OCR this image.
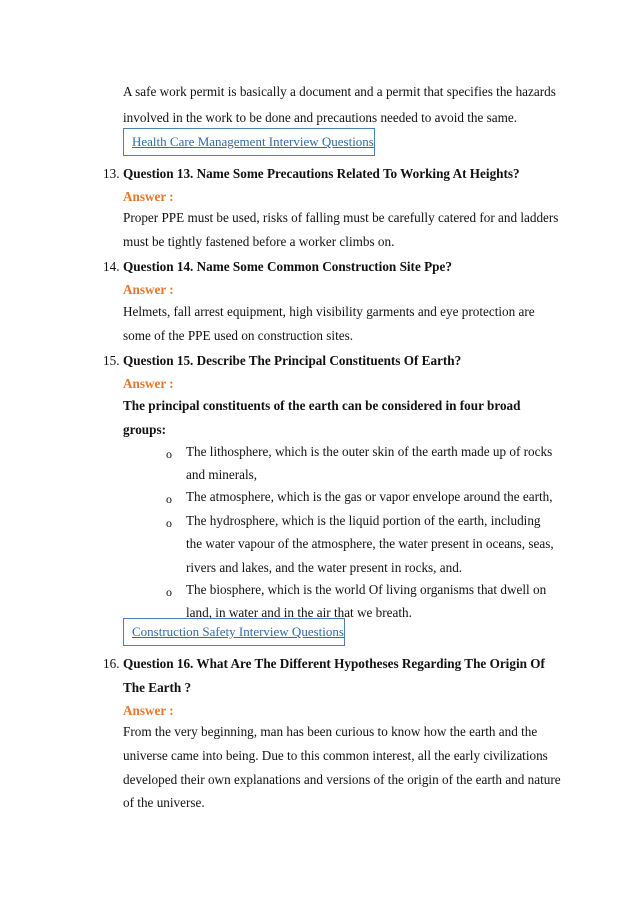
A safe work permit is basically a document and a permit that specifies the hazards
involved in the work to be done and precautions needed to avoid the same.
Health Care Management Interview Questions
13. Question 13. Name Some Precautions Related To Working At Heights?
Answer :
Proper PPE must be used, risks of falling must be carefully catered for and ladders
must be tightly fastened before a worker climbs on.
14. Question 14. Name Some Common Construction Site Ppe?
Answer :
Helmets, fall arrest equipment, high visibility garments and eye protection are
some of the PPE used on construction sites.
15. Question 15. Describe The Principal Constituents Of Earth?
Answer :
The principal constituents of the earth can be considered in four broad
groups:
o The lithosphere, which is the outer skin of the earth made up of rocks
and minerals,
o The atmosphere, which is the gas or vapor envelope around the earth,
o The hydrosphere, which is the liquid portion of the earth, including
the water vapour of the atmosphere, the water present in oceans, seas,
rivers and lakes, and the water present in rocks, and.
o The biosphere, which is the world Of living organisms that dwell on
land, in water and in the air that we breath.
Construction Safety Interview Questions
16. Question 16. What Are The Different Hypotheses Regarding The Origin Of
The Earth ?
Answer :
From the very beginning, man has been curious to know how the earth and the
universe came into being. Due to this common interest, all the early civilizations
developed their own explanations and versions of the origin of the earth and nature
of the universe.
